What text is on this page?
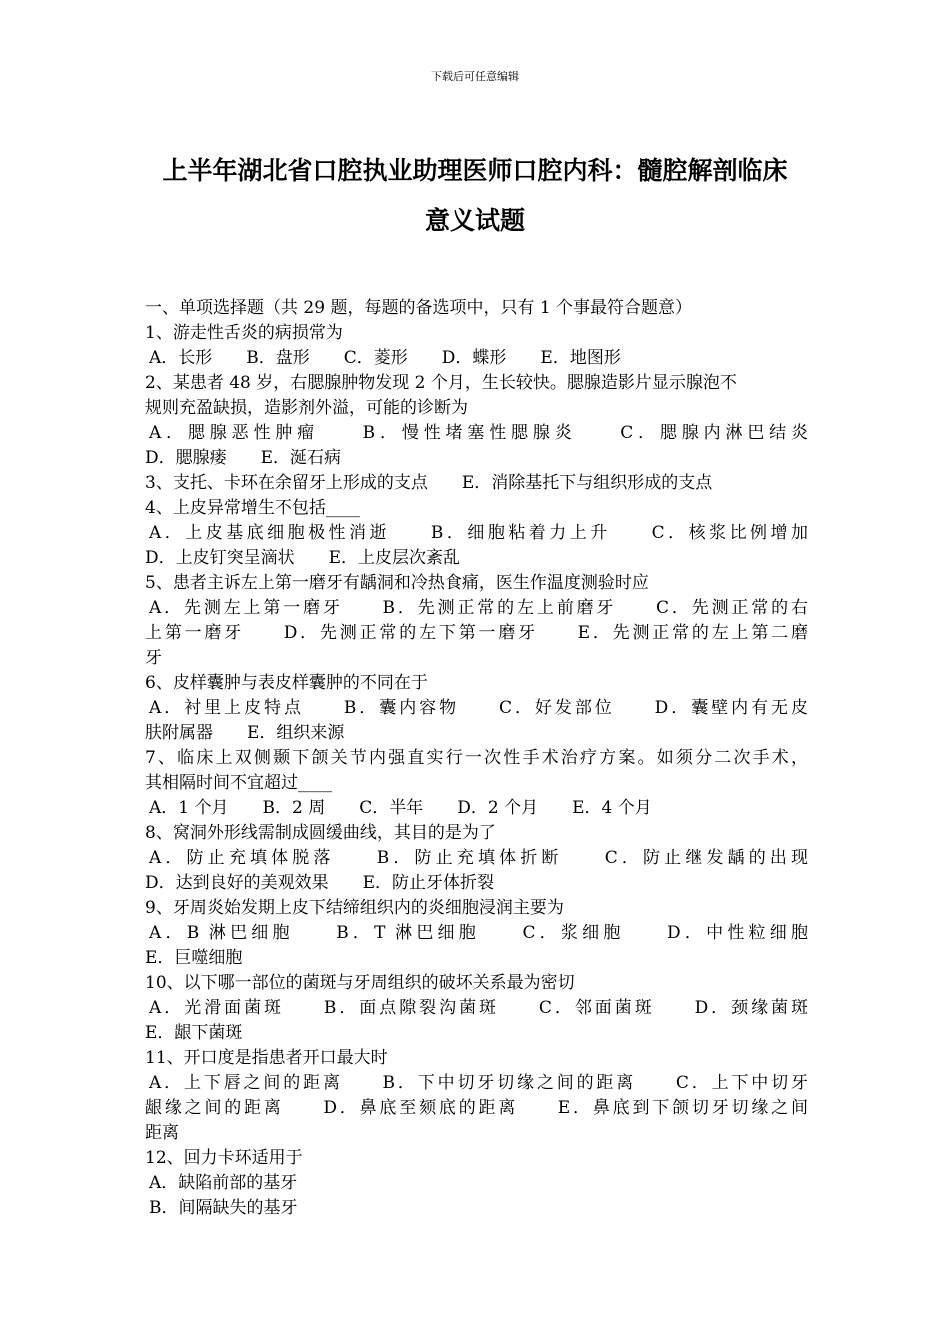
下载后可任意编辑
上半年湖北省口腔执业助理医师口腔内科：髓腔解剖临床
意义试题
一、单项选择题（共 29 题，每题的备选项中，只有 1 个事最符合题意）
1、游走性舌炎的病损常为
A．长形　　B．盘形　　C．菱形　　D．蝶形　　E．地图形
2、某患者 48 岁，右腮腺肿物发现 2 个月，生长较快。腮腺造影片显示腺泡不
规则充盈缺损，造影剂外溢，可能的诊断为
A．腮腺恶性肿瘤　　B．慢性堵塞性腮腺炎　　C．腮腺内淋巴结炎
D．腮腺瘘　　E．涎石病
3、支托、卡环在余留牙上形成的支点　　E．消除基托下与组织形成的支点
4、上皮异常增生不包括____
A．上皮基底细胞极性消逝　　B．细胞粘着力上升　　C．核浆比例增加
D．上皮钉突呈滴状　　E．上皮层次紊乱
5、患者主诉左上第一磨牙有龋洞和冷热食痛，医生作温度测验时应
A．先测左上第一磨牙　　B．先测正常的左上前磨牙　　C．先测正常的右
上第一磨牙　　D．先测正常的左下第一磨牙　　E．先测正常的左上第二磨
牙
6、皮样囊肿与表皮样囊肿的不同在于
A．衬里上皮特点　　B．囊内容物　　C．好发部位　　D．囊壁内有无皮
肤附属器　　E．组织来源
7、临床上双侧颞下颌关节内强直实行一次性手术治疗方案。如须分二次手术，
其相隔时间不宜超过____
A．1 个月　　B．2 周　　C．半年　　D．2 个月　　E．4 个月
8、窝洞外形线需制成圆缓曲线，其目的是为了
A．防止充填体脱落　　B．防止充填体折断　　C．防止继发龋的出现
D．达到良好的美观效果　　E．防止牙体折裂
9、牙周炎始发期上皮下结缔组织内的炎细胞浸润主要为
A．B 淋巴细胞　　B．T 淋巴细胞　　C．浆细胞　　D．中性粒细胞
E．巨噬细胞
10、以下哪一部位的菌斑与牙周组织的破坏关系最为密切
A．光滑面菌斑　　B．面点隙裂沟菌斑　　C．邻面菌斑　　D．颈缘菌斑
E．龈下菌斑
11、开口度是指患者开口最大时
A．上下唇之间的距离　　B．下中切牙切缘之间的距离　　C．上下中切牙
龈缘之间的距离　　D．鼻底至颏底的距离　　E．鼻底到下颌切牙切缘之间
距离
12、回力卡环适用于
A．缺陷前部的基牙
B．间隔缺失的基牙
